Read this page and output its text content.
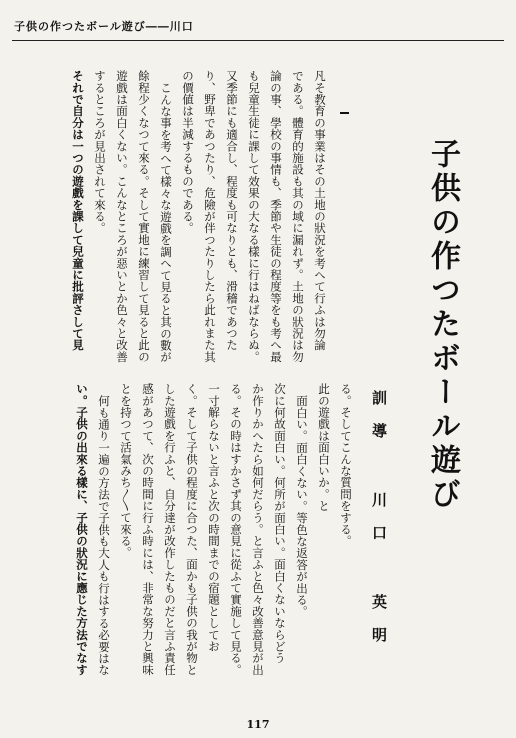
子供の作つたボール遊び――川口
凡そ教育の事業はその土地の狀況を考へて行ふは勿論
である。體育的施設も其の域に漏れず。土地の狀況は勿
論の事、學校の事情も、季節や生徒の程度等をも考へ最
も兒童生徒に課して效果の大なる樣に行はねばならぬ。
又季節にも適合し、程度も可なりとも、滑稽であつた
り、野卑であつたり、危險が伴つたりしたら此れまた其
の價値は半減するものである。
こんな事を考へて樣々な遊戲を調へて見ると其の數が
餘程少くなつて來る。そして實地に練習して見ると此の
遊戲は面白くない。こんなところが惡いとか色々と改善
するところが見出されて來る。
それで自分は一つの遊戲を課して兒童に批評さして見	子供の作つたボール遊び
訓導 川口 英明
る。そしてこんな質問をする。
此の遊戲は面白いか。と
面白い。面白くない。等色な返答が出る。
次に何故面白い。何所が面白い。面白くないならどう
か作りかへたら如何だらう。と言ふと色々改善意見が出
る。その時はすかさず其の意見に從ふて實施して見る。
一寸解らないと言ふと次の時間までの宿題としてお
く。そして子供の程度に合つた、面かも子供の我が物と
した遊戲を行ふと、自分達が改作したものだと言ふ責任
感があつて、次の時間に行ふ時には、非常な努力と興味
とを持つて活氣みち〳〵て來る。
何も通り一遍の方法で子供も大人も行はする必要はな
い。子供の出來る樣に、子供の狀況に應じた方法でなす
117
